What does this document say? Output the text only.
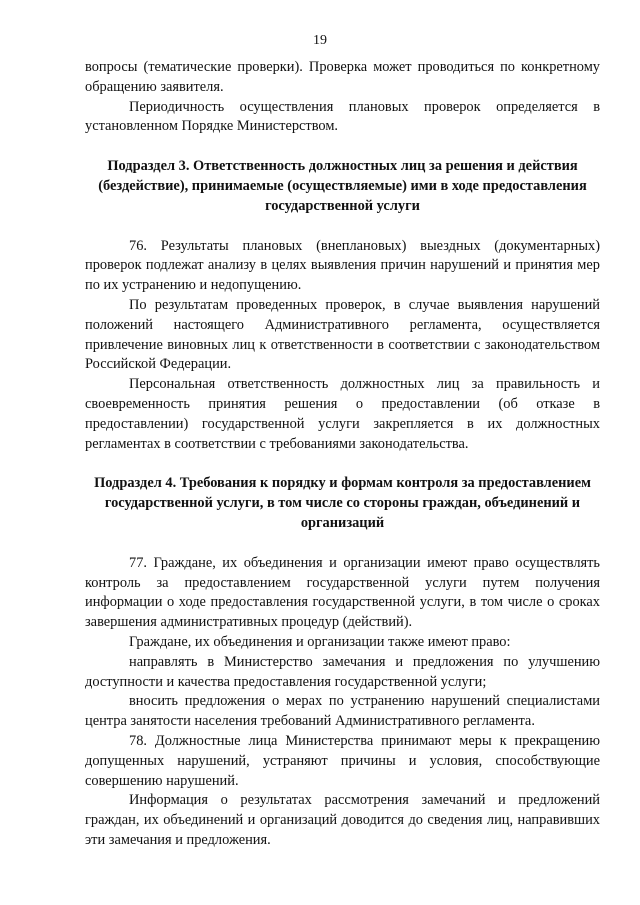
19

вопросы (тематические проверки). Проверка может проводиться по конкретному обращению заявителя.

Периодичность осуществления плановых проверок определяется в установленном Порядке Министерством.

Подраздел 3. Ответственность должностных лиц за решения и действия (бездействие), принимаемые (осуществляемые) ими в ходе предоставления государственной услуги

76. Результаты плановых (внеплановых) выездных (документарных) проверок подлежат анализу в целях выявления причин нарушений и принятия мер по их устранению и недопущению.

По результатам проведенных проверок, в случае выявления нарушений положений настоящего Административного регламента, осуществляется привлечение виновных лиц к ответственности в соответствии с законодательством Российской Федерации.

Персональная ответственность должностных лиц за правильность и своевременность принятия решения о предоставлении (об отказе в предоставлении) государственной услуги закрепляется в их должностных регламентах в соответствии с требованиями законодательства.

Подраздел 4. Требования к порядку и формам контроля за предоставлением государственной услуги, в том числе со стороны граждан, объединений и организаций

77. Граждане, их объединения и организации имеют право осуществлять контроль за предоставлением государственной услуги путем получения информации о ходе предоставления государственной услуги, в том числе о сроках завершения административных процедур (действий).

Граждане, их объединения и организации также имеют право:

направлять в Министерство замечания и предложения по улучшению доступности и качества предоставления государственной услуги;

вносить предложения о мерах по устранению нарушений специалистами центра занятости населения требований Административного регламента.

78. Должностные лица Министерства принимают меры к прекращению допущенных нарушений, устраняют причины и условия, способствующие совершению нарушений.

Информация о результатах рассмотрения замечаний и предложений граждан, их объединений и организаций доводится до сведения лиц, направивших эти замечания и предложения.
